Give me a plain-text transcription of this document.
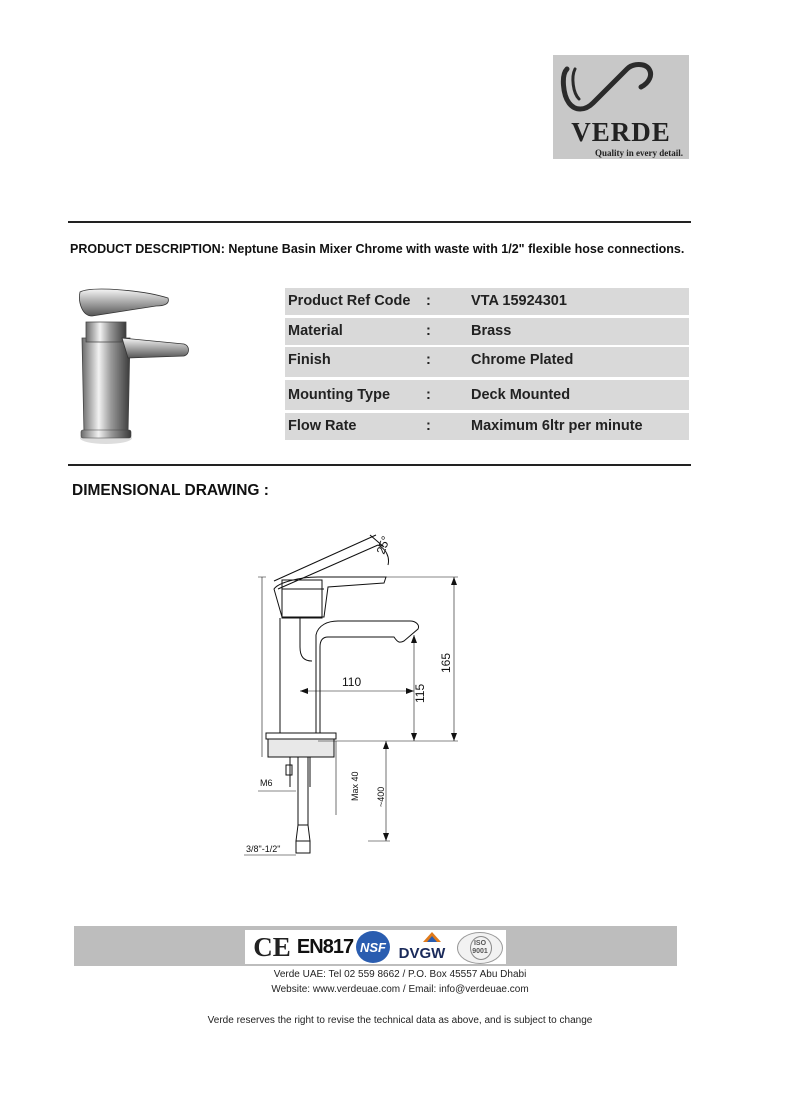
VERDE
Quality in every detail.
PRODUCT DESCRIPTION: Neptune Basin Mixer Chrome with waste with 1/2" flexible hose connections.
Product Ref Code :	VTA 15924301
Material	:	Brass
Finish	:	Chrome Plated
Mounting Type :	Deck Mounted
Flow Rate	:	Maximum 6ltr per minute
DIMENSIONAL DRAWING :
25°
165
110
115
M6	Max 40 ~400
3/8"-1/2"
CE EN817 NSF DVGW
ISO
9001
Verde UAE: Tel 02 559 8662 / P.O. Box 45557 Abu Dhabi
Website: www.verdeuae.com / Email: info@verdeuae.com
Verde reserves the right to revise the technical data as above, and is subject to change
